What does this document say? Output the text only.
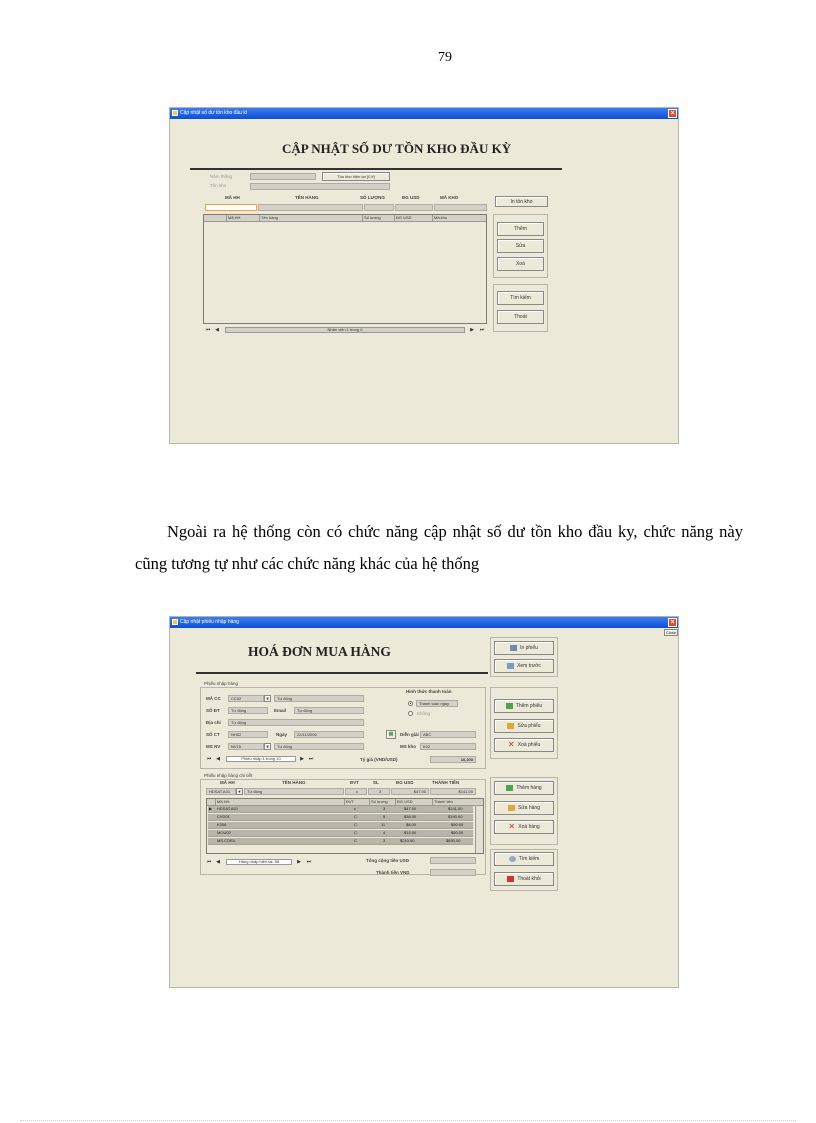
79
Cập nhật số dư tồn kho đầu kì	×
CẬP NHẬT SỐ DƯ TỒN KHO ĐẦU KỲ
Năm thống	Tồn kho hiện tại (0 if)
Tồn kho
MÃ HH	TÊN HÀNG	SỐ LƯỢNG	ĐG USD	MÃ KHO
Mã HH	Tên hàng	Số lượng	ĐG USD	Mã kho
⏮ ◀	Nhân viên 1 trong 0	▶ ⏭
In tồn kho
Thêm
Sửa
Xoá
Tìm kiếm
Thoát
Ngoài ra hệ thống còn có chức năng cập nhật số dư tồn kho đầu ky, chức năng này cũng tương tự như các chức năng khác của hệ thống
Cập nhật phiếu nhập hàng	×
Close
HOÁ ĐƠN MUA HÀNG
Phiếu nhập hàng
MÃ CC	CC02	▼	Tự động
SỐ ĐT	Tự động	Email	Tự động
Địa chỉ	Tự động
SỐ CT	NH02	Ngày	22/11/2006	▦	Diễn giải	ABC
MS NV	NV15	▼	Tự động	MS kho	K02
Hình thức thanh toán
Thanh toán ngay
Không
⏮ ◀	Phiếu nhập 1 trong 10	▶ ⏭	Tỷ giá (VND/USD)	16,200
Phiếu nhập hàng chi tiết
MÃ HH	TÊN HÀNG	ĐVT	SL	ĐG USD	THÀNH TIỀN
HDSAT.A01	▼	Tự động	c	3	$47.00	$141.00
Mã HH	ĐVT	Số lượng	ĐG USD	Thành tiền
▶ HDSAT.A01	c	3	$47.00	$141.00
CVD01	C	5	$38.00	$190.00
K306	C	11	$8.00	$90.00
MOU02	C	4	$15.00	$60.00
MS.CDEU	C	3	$210.00	$630.00
⏮ ◀	Hàng nhập hiện tại: 58	▶ ⏭	Tổng cộng tiền USD
Thành tiền VND
In phiếu
Xem trước
Thêm phiếu
Sửa phiếu
✕ Xoá phiếu
Thêm hàng
Sửa hàng
✕ Xoá hàng
Tìm kiếm
Thoát khỏi
